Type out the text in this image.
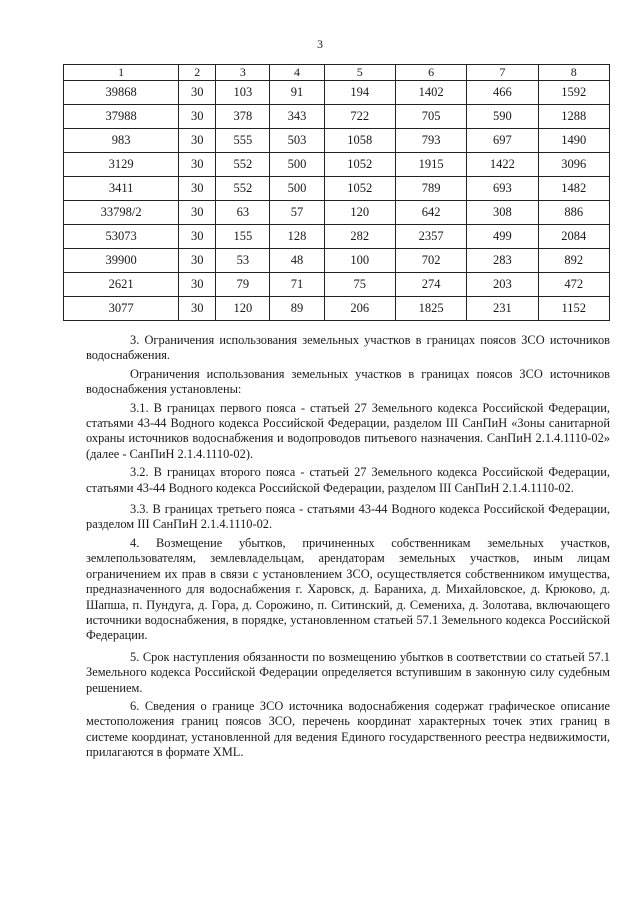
3
1	2	3	4	5	6	7	8
39868	30	103	91	194	1402	466	1592
37988	30	378	343	722	705	590	1288
983	30	555	503	1058	793	697	1490
3129	30	552	500	1052	1915	1422	3096
3411	30	552	500	1052	789	693	1482
33798/2	30	63	57	120	642	308	886
53073	30	155	128	282	2357	499	2084
39900	30	53	48	100	702	283	892
2621	30	79	71	75	274	203	472
3077	30	120	89	206	1825	231	1152

3. Ограничения использования земельных участков в границах поясов ЗСО источников водоснабжения.

Ограничения использования земельных участков в границах поясов ЗСО источников водоснабжения установлены:

3.1. В границах первого пояса - статьей 27 Земельного кодекса Российской Федерации, статьями 43-44 Водного кодекса Российской Федерации, разделом III СанПиН «Зоны санитарной охраны источников водоснабжения и водопроводов питьевого назначения. СанПиН 2.1.4.1110-02» (далее - СанПиН 2.1.4.1110-02).

3.2. В границах второго пояса - статьей 27 Земельного кодекса Российской Федерации, статьями 43-44 Водного кодекса Российской Федерации, разделом III СанПиН 2.1.4.1110-02.

3.3. В границах третьего пояса - статьями 43-44 Водного кодекса Российской Федерации, разделом III СанПиН 2.1.4.1110-02.

4. Возмещение убытков, причиненных собственникам земельных участков, землепользователям, землевладельцам, арендаторам земельных участков, иным лицам ограничением их прав в связи с установлением ЗСО, осуществляется собственником имущества, предназначенного для водоснабжения г. Харовск, д. Бараниха, д. Михайловское, д. Крюково, д. Шапша, п. Пундуга, д. Гора, д. Сорожино, п. Ситинский, д. Семениха, д. Золотава, включающего источники водоснабжения, в порядке, установленном статьей 57.1 Земельного кодекса Российской Федерации.

5. Срок наступления обязанности по возмещению убытков в соответствии со статьей 57.1 Земельного кодекса Российской Федерации определяется вступившим в законную силу судебным решением.

6. Сведения о границе ЗСО источника водоснабжения содержат графическое описание местоположения границ поясов ЗСО, перечень координат характерных точек этих границ в системе координат, установленной для ведения Единого государственного реестра недвижимости, прилагаются в формате XML.
